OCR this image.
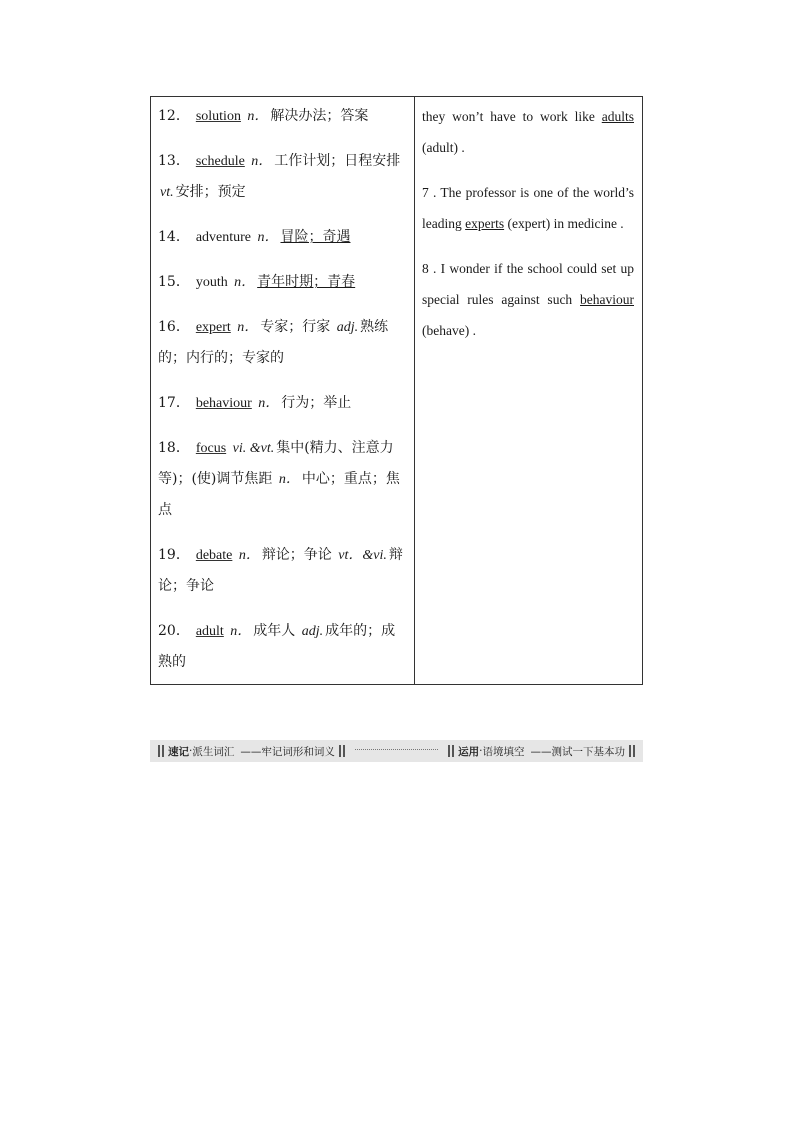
12． solution n． 解决办法；答案
13． schedule n． 工作计划；日程安排 vt. 安排；预定
14． adventure n． 冒险；奇遇
15． youth n． 青年时期；青春
16． expert n． 专家；行家 adj. 熟练的；内行的；专家的
17． behaviour n． 行为；举止
18． focus vi. &vt. 集中(精力、注意力等)；(使)调节焦距 n． 中心；重点；焦点
19． debate n． 辩论；争论 vt．&vi. 辩论；争论
20． adult n． 成年人 adj. 成年的；成熟的
they won’t have to work like adults (adult) .
7 . The professor is one of the world’s leading experts (expert) in medicine .
8 . I wonder if the school could set up special rules against such behaviour (behave) .
速记 · 派生词汇 ——牢记词形和词义	运用 · 语境填空 ——测试一下基本功
